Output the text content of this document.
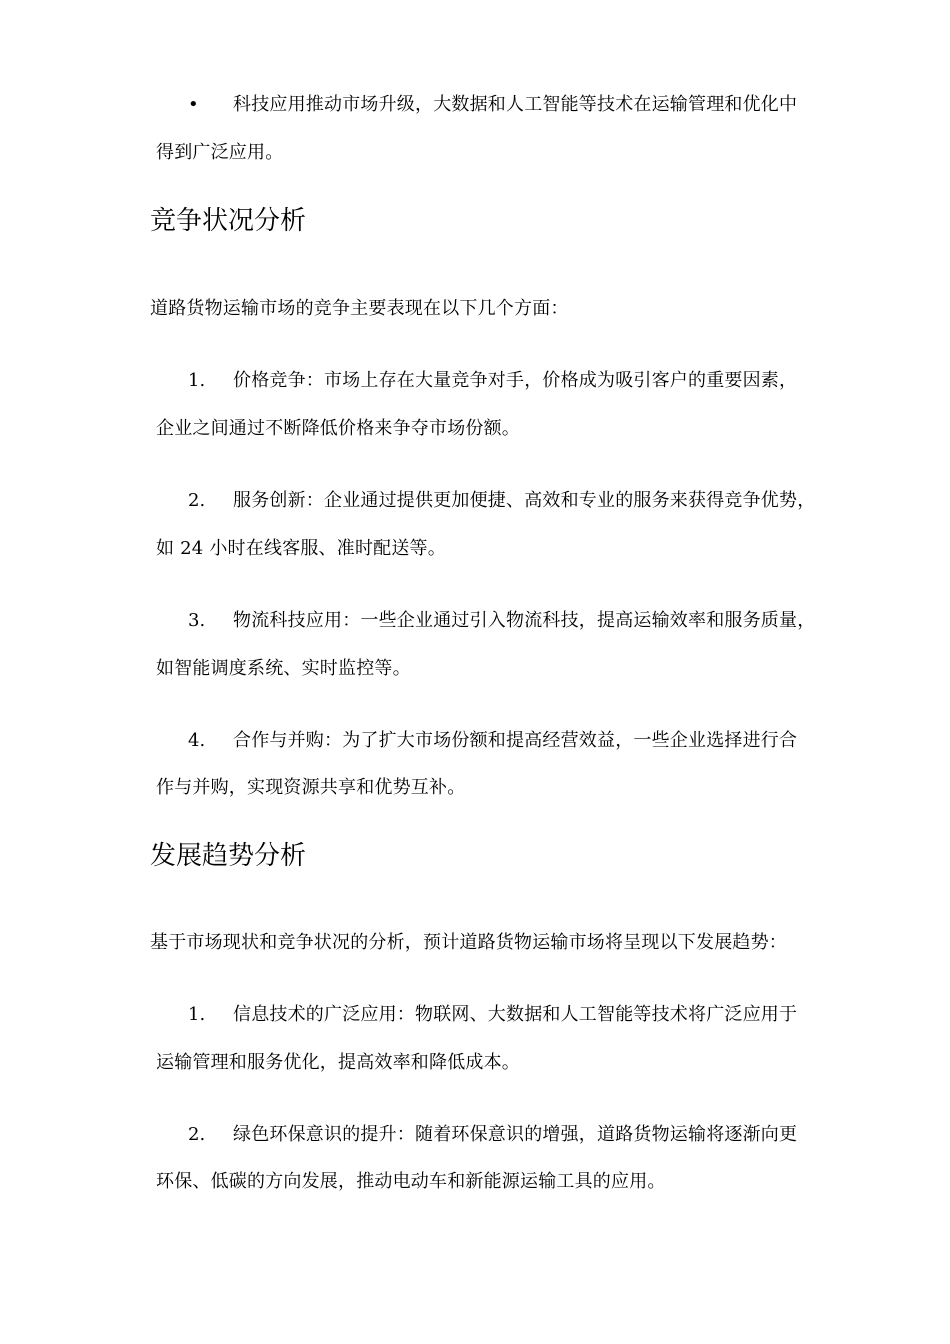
• 科技应用推动市场升级，大数据和人工智能等技术在运输管理和优化中
得到广泛应用。
竞争状况分析
道路货物运输市场的竞争主要表现在以下几个方面：
1. 价格竞争：市场上存在大量竞争对手，价格成为吸引客户的重要因素，
企业之间通过不断降低价格来争夺市场份额。
2. 服务创新：企业通过提供更加便捷、高效和专业的服务来获得竞争优势，
如 24 小时在线客服、准时配送等。
3. 物流科技应用：一些企业通过引入物流科技，提高运输效率和服务质量，
如智能调度系统、实时监控等。
4. 合作与并购：为了扩大市场份额和提高经营效益，一些企业选择进行合
作与并购，实现资源共享和优势互补。
发展趋势分析
基于市场现状和竞争状况的分析，预计道路货物运输市场将呈现以下发展趋势：
1. 信息技术的广泛应用：物联网、大数据和人工智能等技术将广泛应用于
运输管理和服务优化，提高效率和降低成本。
2. 绿色环保意识的提升：随着环保意识的增强，道路货物运输将逐渐向更
环保、低碳的方向发展，推动电动车和新能源运输工具的应用。
